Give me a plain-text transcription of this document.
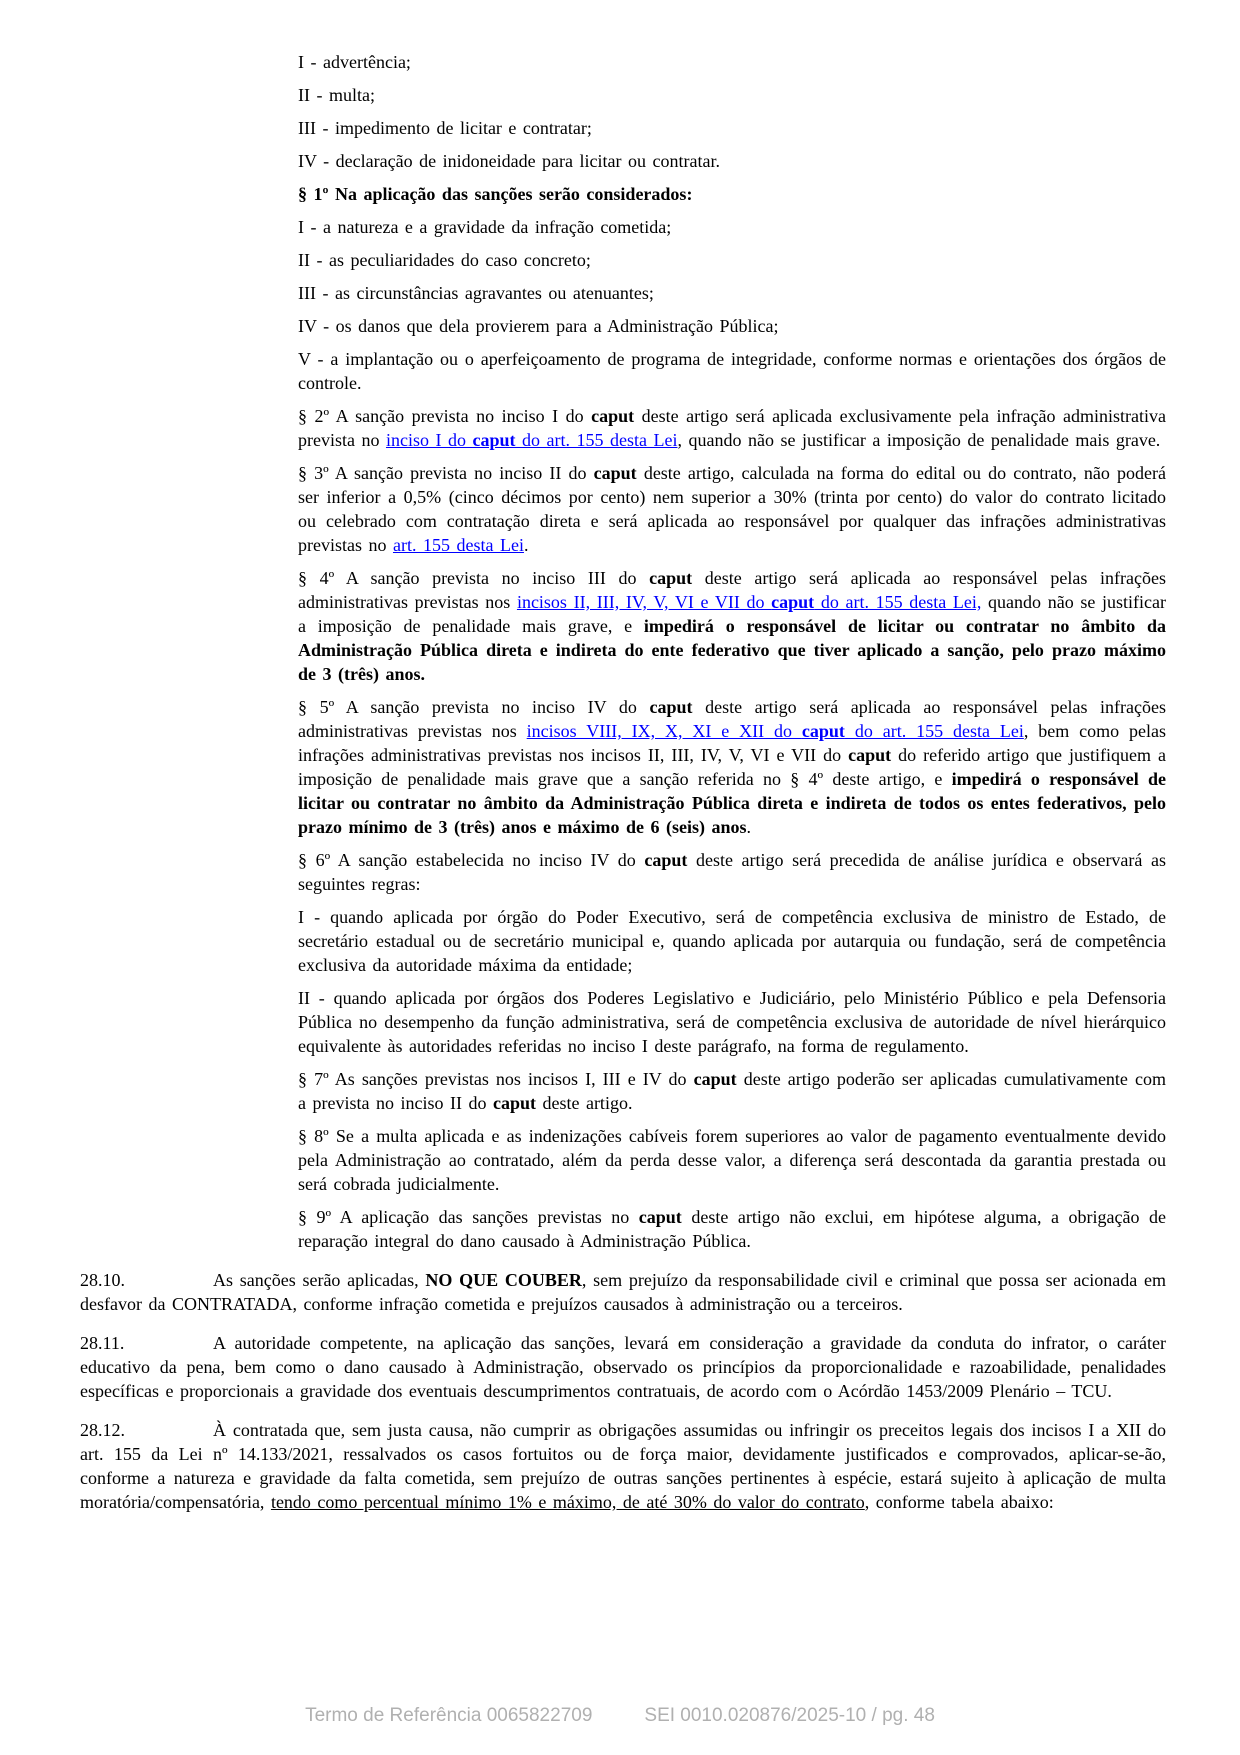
I - advertência;

II - multa;

III - impedimento de licitar e contratar;

IV - declaração de inidoneidade para licitar ou contratar.

§ 1º Na aplicação das sanções serão considerados:

I - a natureza e a gravidade da infração cometida;

II - as peculiaridades do caso concreto;

III - as circunstâncias agravantes ou atenuantes;

IV - os danos que dela provierem para a Administração Pública;

V - a implantação ou o aperfeiçoamento de programa de integridade, conforme normas e orientações dos órgãos de controle.

§ 2º A sanção prevista no inciso I do caput deste artigo será aplicada exclusivamente pela infração administrativa prevista no inciso I do caput do art. 155 desta Lei, quando não se justificar a imposição de penalidade mais grave.

§ 3º A sanção prevista no inciso II do caput deste artigo, calculada na forma do edital ou do contrato, não poderá ser inferior a 0,5% (cinco décimos por cento) nem superior a 30% (trinta por cento) do valor do contrato licitado ou celebrado com contratação direta e será aplicada ao responsável por qualquer das infrações administrativas previstas no art. 155 desta Lei.

§ 4º A sanção prevista no inciso III do caput deste artigo será aplicada ao responsável pelas infrações administrativas previstas nos incisos II, III, IV, V, VI e VII do caput do art. 155 desta Lei, quando não se justificar a imposição de penalidade mais grave, e impedirá o responsável de licitar ou contratar no âmbito da Administração Pública direta e indireta do ente federativo que tiver aplicado a sanção, pelo prazo máximo de 3 (três) anos.

§ 5º A sanção prevista no inciso IV do caput deste artigo será aplicada ao responsável pelas infrações administrativas previstas nos incisos VIII, IX, X, XI e XII do caput do art. 155 desta Lei, bem como pelas infrações administrativas previstas nos incisos II, III, IV, V, VI e VII do caput do referido artigo que justifiquem a imposição de penalidade mais grave que a sanção referida no § 4º deste artigo, e impedirá o responsável de licitar ou contratar no âmbito da Administração Pública direta e indireta de todos os entes federativos, pelo prazo mínimo de 3 (três) anos e máximo de 6 (seis) anos.

§ 6º A sanção estabelecida no inciso IV do caput deste artigo será precedida de análise jurídica e observará as seguintes regras:

I - quando aplicada por órgão do Poder Executivo, será de competência exclusiva de ministro de Estado, de secretário estadual ou de secretário municipal e, quando aplicada por autarquia ou fundação, será de competência exclusiva da autoridade máxima da entidade;

II - quando aplicada por órgãos dos Poderes Legislativo e Judiciário, pelo Ministério Público e pela Defensoria Pública no desempenho da função administrativa, será de competência exclusiva de autoridade de nível hierárquico equivalente às autoridades referidas no inciso I deste parágrafo, na forma de regulamento.

§ 7º As sanções previstas nos incisos I, III e IV do caput deste artigo poderão ser aplicadas cumulativamente com a prevista no inciso II do caput deste artigo.

§ 8º Se a multa aplicada e as indenizações cabíveis forem superiores ao valor de pagamento eventualmente devido pela Administração ao contratado, além da perda desse valor, a diferença será descontada da garantia prestada ou será cobrada judicialmente.

§ 9º A aplicação das sanções previstas no caput deste artigo não exclui, em hipótese alguma, a obrigação de reparação integral do dano causado à Administração Pública.

28.10.	As sanções serão aplicadas, NO QUE COUBER, sem prejuízo da responsabilidade civil e criminal que possa ser acionada em desfavor da CONTRATADA, conforme infração cometida e prejuízos causados à administração ou a terceiros.

28.11.	A autoridade competente, na aplicação das sanções, levará em consideração a gravidade da conduta do infrator, o caráter educativo da pena, bem como o dano causado à Administração, observado os princípios da proporcionalidade e razoabilidade, penalidades específicas e proporcionais a gravidade dos eventuais descumprimentos contratuais, de acordo com o Acórdão 1453/2009 Plenário – TCU.

28.12.	À contratada que, sem justa causa, não cumprir as obrigações assumidas ou infringir os preceitos legais dos incisos I a XII do art. 155 da Lei nº 14.133/2021, ressalvados os casos fortuitos ou de força maior, devidamente justificados e comprovados, aplicar-se-ão, conforme a natureza e gravidade da falta cometida, sem prejuízo de outras sanções pertinentes à espécie, estará sujeito à aplicação de multa moratória/compensatória, tendo como percentual mínimo 1% e máximo, de até 30% do valor do contrato, conforme tabela abaixo:

Termo de Referência 0065822709	SEI 0010.020876/2025-10 / pg. 48
